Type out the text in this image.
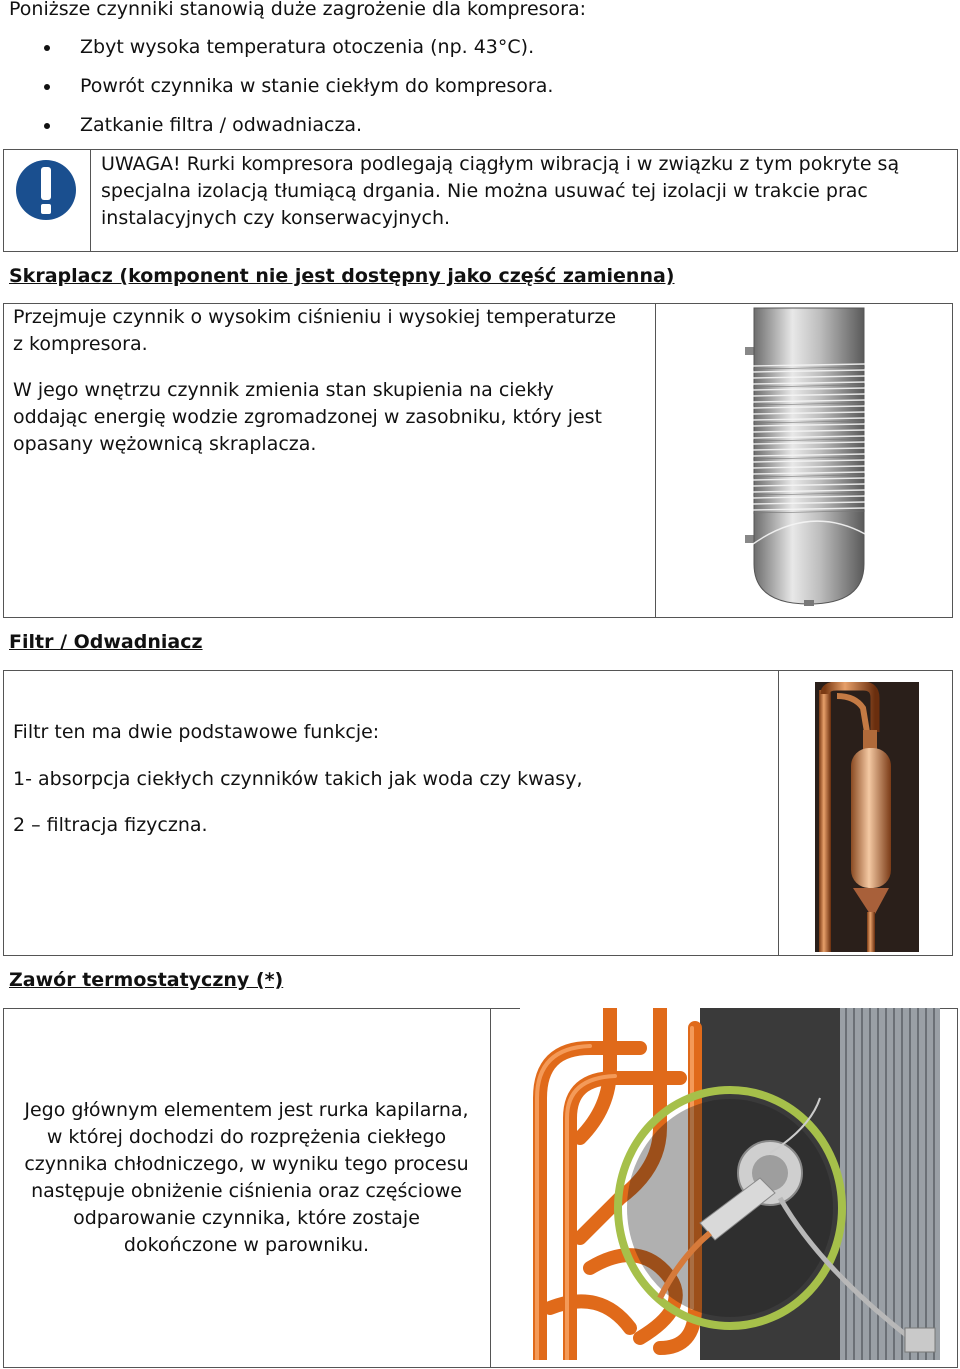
Poniższe czynniki stanowią duże zagrożenie dla kompresora:
Zbyt wysoka temperatura otoczenia (np. 43°C).
Powrót czynnika w stanie ciekłym do kompresora.
Zatkanie filtra / odwadniacza.
UWAGA! Rurki kompresora podlegają ciągłym wibracją i w związku z tym pokryte są
specjalna izolacją tłumiącą drgania. Nie można usuwać tej izolacji w trakcie prac
instalacyjnych czy konserwacyjnych.
Skraplacz (komponent nie jest dostępny jako część zamienna)
Przejmuje czynnik o wysokim ciśnieniu i wysokiej temperaturze
z kompresora.
W jego wnętrzu czynnik zmienia stan skupienia na ciekły
oddając energię wodzie zgromadzonej w zasobniku, który jest
opasany wężownicą skraplacza.
Filtr / Odwadniacz
Filtr ten ma dwie podstawowe funkcje:
1- absorpcja ciekłych czynników takich jak woda czy kwasy,
2 – filtracja fizyczna.
Zawór termostatyczny (*)
Jego głównym elementem jest rurka kapilarna,
w której dochodzi do rozprężenia ciekłego
czynnika chłodniczego, w wyniku tego procesu
następuje obniżenie ciśnienia oraz częściowe
odparowanie czynnika, które zostaje
dokończone w parowniku.
